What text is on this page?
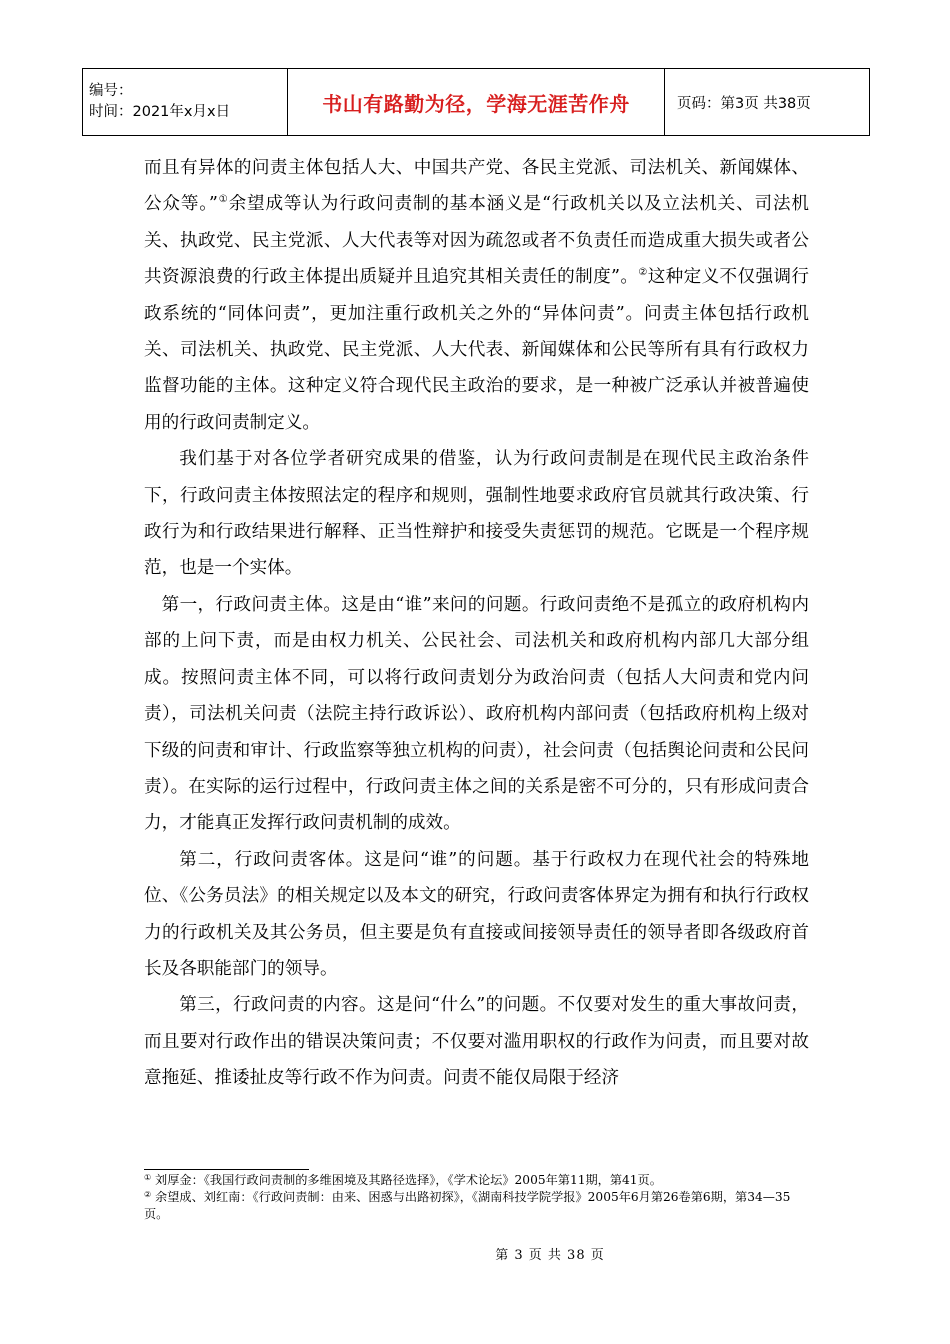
编号：
时间：2021年x月x日	书山有路勤为径，学海无涯苦作舟	页码：第3页 共38页

而且有异体的问责主体包括人大、中国共产党、各民主党派、司法机关、新闻媒体、公众等。”①余望成等认为行政问责制的基本涵义是“行政机关以及立法机关、司法机关、执政党、民主党派、人大代表等对因为疏忽或者不负责任而造成重大损失或者公共资源浪费的行政主体提出质疑并且追究其相关责任的制度”。②这种定义不仅强调行政系统的“同体问责”，更加注重行政机关之外的“异体问责”。问责主体包括行政机关、司法机关、执政党、民主党派、人大代表、新闻媒体和公民等所有具有行政权力监督功能的主体。这种定义符合现代民主政治的要求，是一种被广泛承认并被普遍使用的行政问责制定义。

我们基于对各位学者研究成果的借鉴，认为行政问责制是在现代民主政治条件下，行政问责主体按照法定的程序和规则，强制性地要求政府官员就其行政决策、行政行为和行政结果进行解释、正当性辩护和接受失责惩罚的规范。它既是一个程序规范，也是一个实体。

第一，行政问责主体。这是由“谁”来问的问题。行政问责绝不是孤立的政府机构内部的上问下责，而是由权力机关、公民社会、司法机关和政府机构内部几大部分组成。按照问责主体不同，可以将行政问责划分为政治问责（包括人大问责和党内问责），司法机关问责（法院主持行政诉讼）、政府机构内部问责（包括政府机构上级对下级的问责和审计、行政监察等独立机构的问责），社会问责（包括舆论问责和公民问责）。在实际的运行过程中，行政问责主体之间的关系是密不可分的，只有形成问责合力，才能真正发挥行政问责机制的成效。

第二，行政问责客体。这是问“谁”的问题。基于行政权力在现代社会的特殊地位、《公务员法》的相关规定以及本文的研究，行政问责客体界定为拥有和执行行政权力的行政机关及其公务员，但主要是负有直接或间接领导责任的领导者即各级政府首长及各职能部门的领导。

第三，行政问责的内容。这是问“什么”的问题。不仅要对发生的重大事故问责，而且要对行政作出的错误决策问责；不仅要对滥用职权的行政作为问责，而且要对故意拖延、推诿扯皮等行政不作为问责。问责不能仅局限于经济

① 刘厚金：《我国行政问责制的多维困境及其路径选择》，《学术论坛》2005年第11期，第41页。

② 余望成、刘红南：《行政问责制：由来、困惑与出路初探》，《湖南科技学院学报》2005年6月第26卷第6期，第34—35页。

第 3 页 共 38 页
